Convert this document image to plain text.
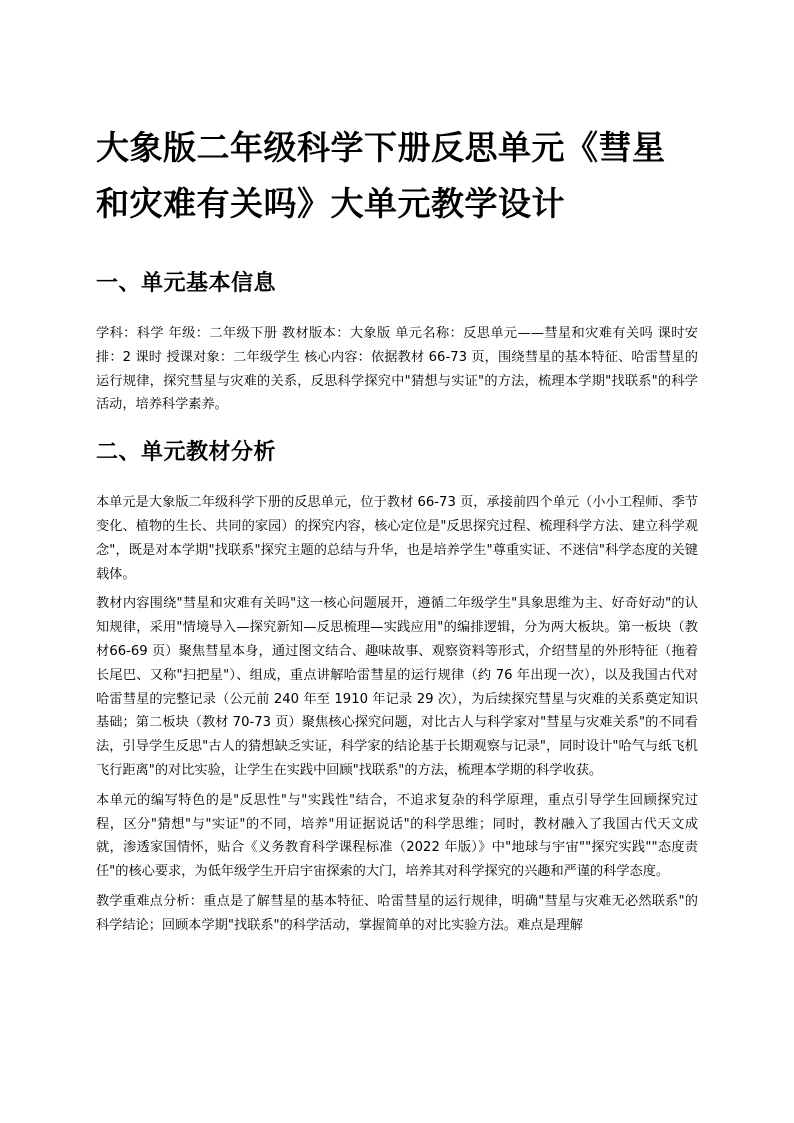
大象版二年级科学下册反思单元《彗星和灾难有关吗》大单元教学设计
一、单元基本信息

学科：科学 年级：二年级下册 教材版本：大象版 单元名称：反思单元——彗星和灾难有关吗 课时安排：2 课时 授课对象：二年级学生 核心内容：依据教材 66-73 页，围绕彗星的基本特征、哈雷彗星的运行规律，探究彗星与灾难的关系，反思科学探究中"猜想与实证"的方法，梳理本学期"找联系"的科学活动，培养科学素养。

二、单元教材分析

本单元是大象版二年级科学下册的反思单元，位于教材 66-73 页，承接前四个单元（小小工程师、季节变化、植物的生长、共同的家园）的探究内容，核心定位是"反思探究过程、梳理科学方法、建立科学观念"，既是对本学期"找联系"探究主题的总结与升华，也是培养学生"尊重实证、不迷信"科学态度的关键载体。

教材内容围绕"彗星和灾难有关吗"这一核心问题展开，遵循二年级学生"具象思维为主、好奇好动"的认知规律，采用"情境导入—探究新知—反思梳理—实践应用"的编排逻辑，分为两大板块。第一板块（教材66-69 页）聚焦彗星本身，通过图文结合、趣味故事、观察资料等形式，介绍彗星的外形特征（拖着长尾巴、又称"扫把星"）、组成，重点讲解哈雷彗星的运行规律（约 76 年出现一次），以及我国古代对哈雷彗星的完整记录（公元前 240 年至 1910 年记录 29 次），为后续探究彗星与灾难的关系奠定知识基础；第二板块（教材 70-73 页）聚焦核心探究问题，对比古人与科学家对"彗星与灾难关系"的不同看法，引导学生反思"古人的猜想缺乏实证，科学家的结论基于长期观察与记录"，同时设计"哈气与纸飞机飞行距离"的对比实验，让学生在实践中回顾"找联系"的方法，梳理本学期的科学收获。

本单元的编写特色的是"反思性"与"实践性"结合，不追求复杂的科学原理，重点引导学生回顾探究过程，区分"猜想"与"实证"的不同，培养"用证据说话"的科学思维；同时，教材融入了我国古代天文成就，渗透家国情怀，贴合《义务教育科学课程标准（2022 年版）》中"地球与宇宙""探究实践""态度责任"的核心要求，为低年级学生开启宇宙探索的大门，培养其对科学探究的兴趣和严谨的科学态度。

教学重难点分析：重点是了解彗星的基本特征、哈雷彗星的运行规律，明确"彗星与灾难无必然联系"的科学结论；回顾本学期"找联系"的科学活动，掌握简单的对比实验方法。难点是理解
